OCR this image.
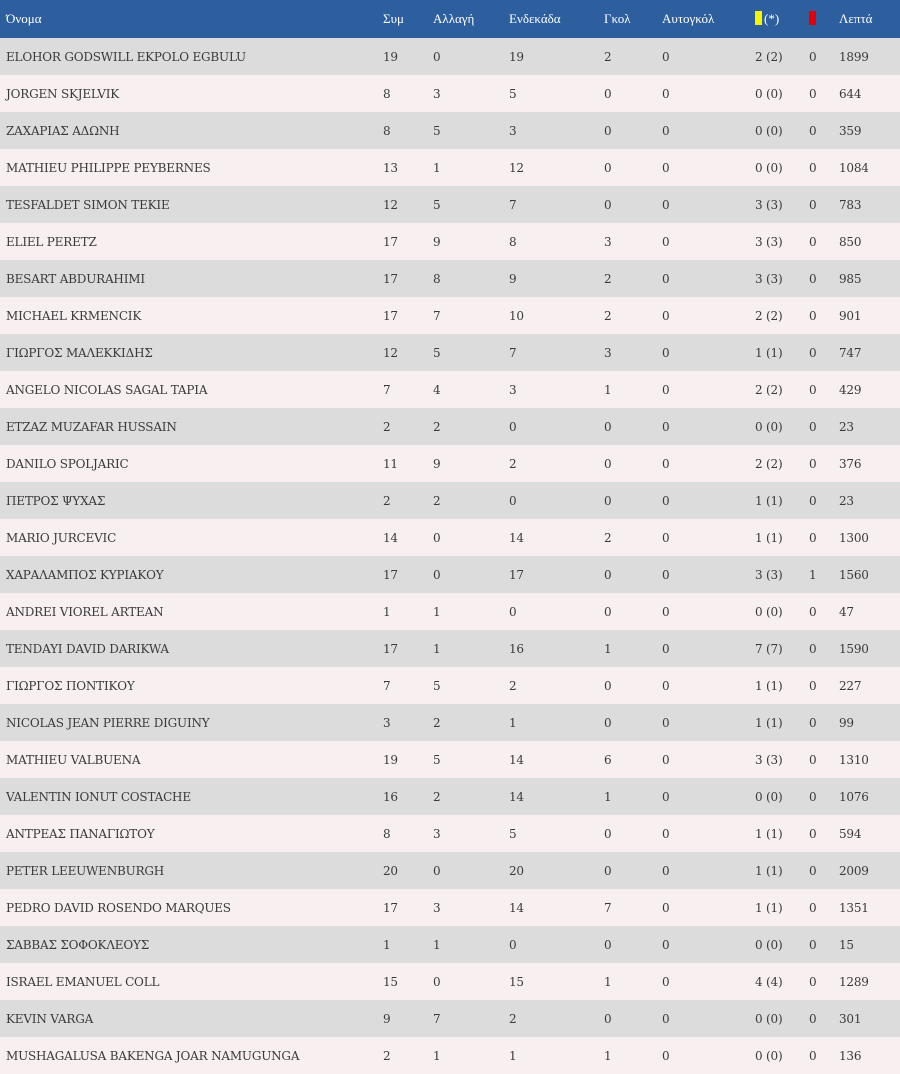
Όνομα	Συμ	Αλλαγή	Ενδεκάδα	Γκολ	Αυτογκόλ	(*)		Λεπτά
ELOHOR GODSWILL EKPOLO EGBULU	19	0	19	2	0	2 (2)	0	1899
JORGEN SKJELVIK	8	3	5	0	0	0 (0)	0	644
ΖΑΧΑΡΙΑΣ ΑΔΩΝΗ	8	5	3	0	0	0 (0)	0	359
MATHIEU PHILIPPE PEYBERNES	13	1	12	0	0	0 (0)	0	1084
TESFALDET SIMON TEKIE	12	5	7	0	0	3 (3)	0	783
ELIEL PERETZ	17	9	8	3	0	3 (3)	0	850
BESART ABDURAHIMI	17	8	9	2	0	3 (3)	0	985
MICHAEL KRMENCIK	17	7	10	2	0	2 (2)	0	901
ΓΙΩΡΓΟΣ ΜΑΛΕΚΚΙΔΗΣ	12	5	7	3	0	1 (1)	0	747
ANGELO NICOLAS SAGAL TAPIA	7	4	3	1	0	2 (2)	0	429
ETZAZ MUZAFAR HUSSAIN	2	2	0	0	0	0 (0)	0	23
DANILO SPOLJARIC	11	9	2	0	0	2 (2)	0	376
ΠΕΤΡΟΣ ΨΥΧΑΣ	2	2	0	0	0	1 (1)	0	23
MARIO JURCEVIC	14	0	14	2	0	1 (1)	0	1300
ΧΑΡΑΛΑΜΠΟΣ ΚΥΡΙΑΚΟΥ	17	0	17	0	0	3 (3)	1	1560
ANDREI VIOREL ARTEAN	1	1	0	0	0	0 (0)	0	47
TENDAYI DAVID DARIKWA	17	1	16	1	0	7 (7)	0	1590
ΓΙΩΡΓΟΣ ΠΟΝΤΙΚΟΥ	7	5	2	0	0	1 (1)	0	227
NICOLAS JEAN PIERRE DIGUINY	3	2	1	0	0	1 (1)	0	99
MATHIEU VALBUENA	19	5	14	6	0	3 (3)	0	1310
VALENTIN IONUT COSTACHE	16	2	14	1	0	0 (0)	0	1076
ΑΝΤΡΕΑΣ ΠΑΝΑΓΙΩΤΟΥ	8	3	5	0	0	1 (1)	0	594
PETER LEEUWENBURGH	20	0	20	0	0	1 (1)	0	2009
PEDRO DAVID ROSENDO MARQUES	17	3	14	7	0	1 (1)	0	1351
ΣΑΒΒΑΣ ΣΟΦΟΚΛΕΟΥΣ	1	1	0	0	0	0 (0)	0	15
ISRAEL EMANUEL COLL	15	0	15	1	0	4 (4)	0	1289
KEVIN VARGA	9	7	2	0	0	0 (0)	0	301
MUSHAGALUSA BAKENGA JOAR NAMUGUNGA	2	1	1	1	0	0 (0)	0	136
